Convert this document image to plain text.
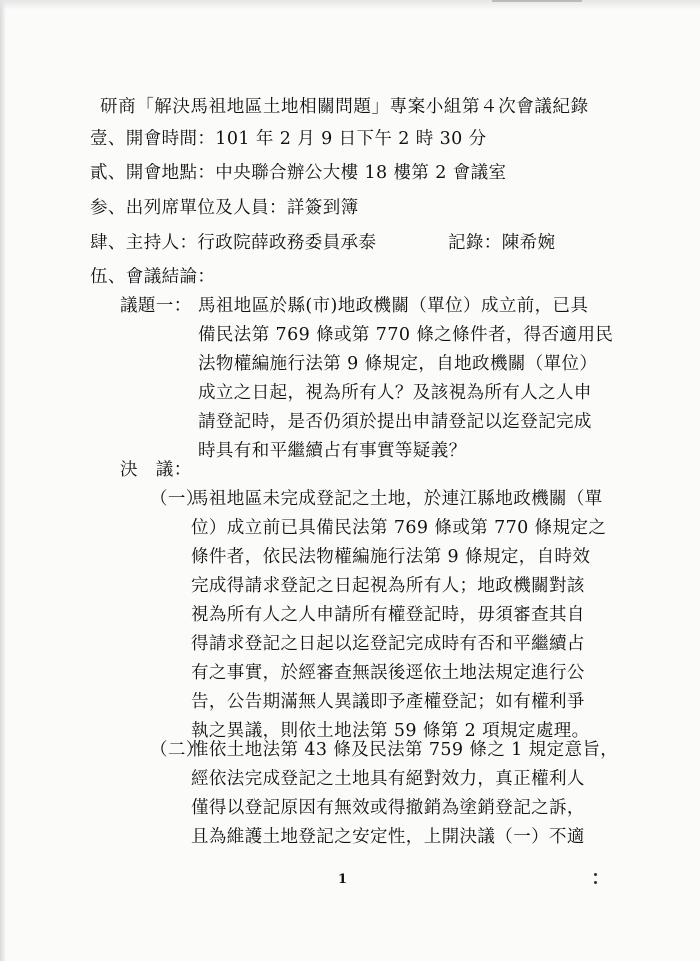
研商「解決馬祖地區土地相關問題」專案小組第４次會議紀錄
壹、開會時間：101 年 2 月 9 日下午 2 時 30 分
貳、開會地點：中央聯合辦公大樓 18 樓第 2 會議室
参、出列席單位及人員：詳簽到簿
肆、主持人：行政院薛政務委員承泰	記錄：陳希婉
伍、會議結論：
議題一： 馬祖地區於縣(市)地政機關（單位）成立前，已具
備民法第 769 條或第 770 條之條件者，得否適用民
法物權編施行法第 9 條規定，自地政機關（單位）
成立之日起，視為所有人？及該視為所有人之人申
請登記時，是否仍須於提出申請登記以迄登記完成
時具有和平繼續占有事實等疑義？
決　議：
（一）
馬祖地區未完成登記之土地，於連江縣地政機關（單
位）成立前已具備民法第 769 條或第 770 條規定之
條件者，依民法物權編施行法第 9 條規定，自時效
完成得請求登記之日起視為所有人；地政機關對該
視為所有人之人申請所有權登記時，毋須審查其自
得請求登記之日起以迄登記完成時有否和平繼續占
有之事實，於經審查無誤後逕依土地法規定進行公
告，公告期滿無人異議即予產權登記；如有權利爭
執之異議，則依土地法第 59 條第 2 項規定處理。
（二）
惟依土地法第 43 條及民法第 759 條之 1 規定意旨，
經依法完成登記之土地具有絕對效力，真正權利人
僅得以登記原因有無效或得撤銷為塗銷登記之訴，
且為維護土地登記之安定性，上開決議（一）不適
1
